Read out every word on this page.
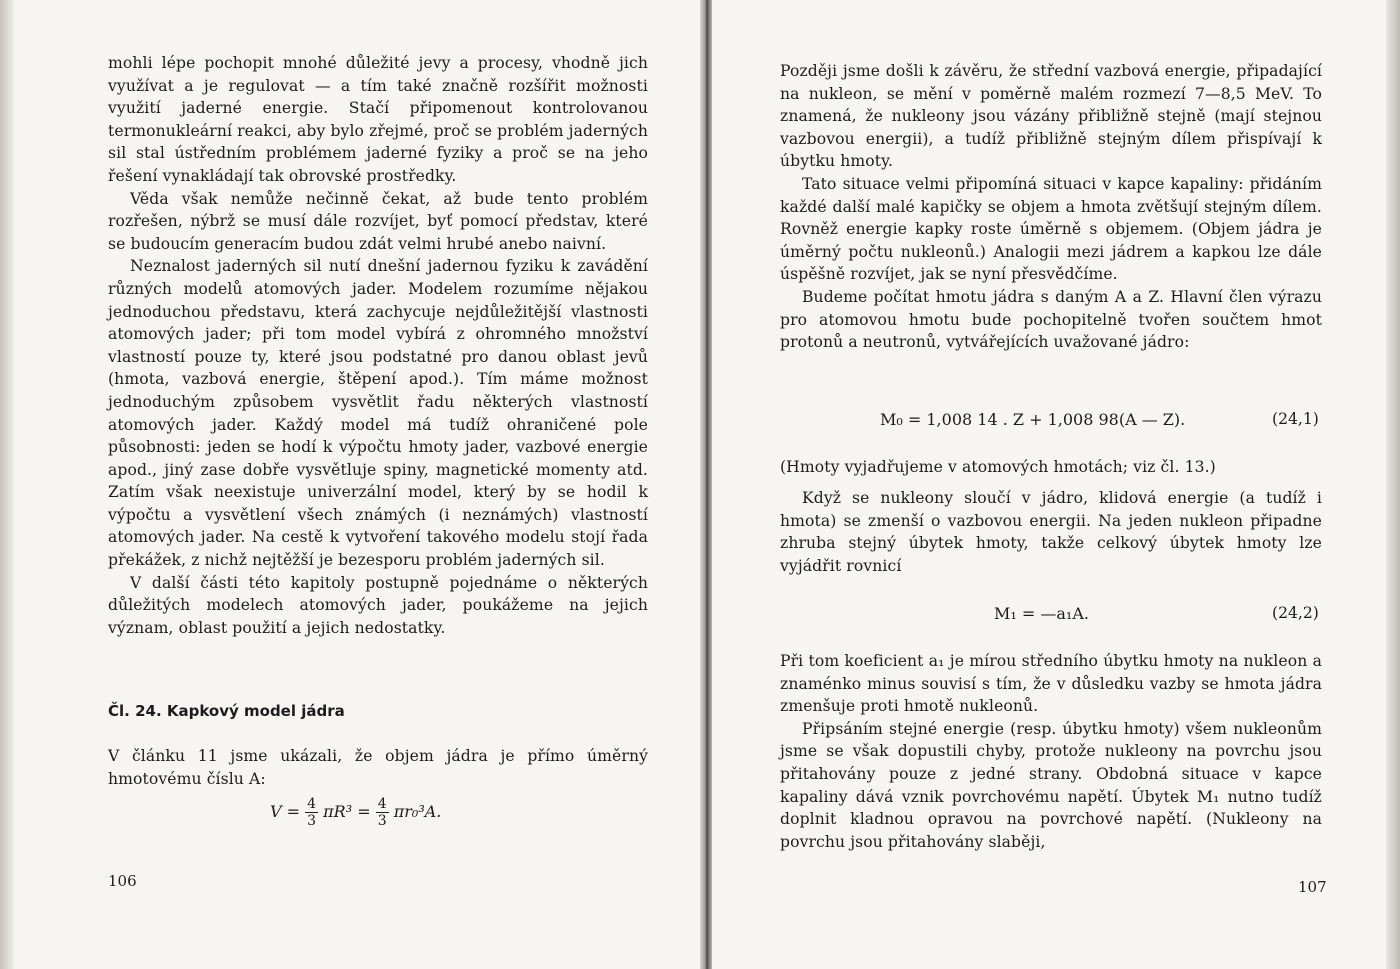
mohli lépe pochopit mnohé důležité jevy a procesy, vhodně jich využívat a je regulovat — a tím také značně rozšířit možnosti využití jaderné energie. Stačí připomenout kontrolovanou termonukleární reakci, aby bylo zřejmé, proč se problém jaderných sil stal ústředním problémem jaderné fyziky a proč se na jeho řešení vynakládají tak obrovské prostředky.

Věda však nemůže nečinně čekat, až bude tento problém rozřešen, nýbrž se musí dále rozvíjet, byť pomocí představ, které se budoucím generacím budou zdát velmi hrubé anebo naivní.

Neznalost jaderných sil nutí dnešní jadernou fyziku k zavádění různých modelů atomových jader. Modelem rozumíme nějakou jednoduchou představu, která zachycuje nejdůležitější vlastnosti atomových jader; při tom model vybírá z ohromného množství vlastností pouze ty, které jsou podstatné pro danou oblast jevů (hmota, vazbová energie, štěpení apod.). Tím máme možnost jednoduchým způsobem vysvětlit řadu některých vlastností atomových jader. Každý model má tudíž ohraničené pole působnosti: jeden se hodí k výpočtu hmoty jader, vazbové energie apod., jiný zase dobře vysvětluje spiny, magnetické momenty atd. Zatím však neexistuje univerzální model, který by se hodil k výpočtu a vysvětlení všech známých (i neznámých) vlastností atomových jader. Na cestě k vytvoření takového modelu stojí řada překážek, z nichž nejtěžší je bezesporu problém jaderných sil.

V další části této kapitoly postupně pojednáme o některých důležitých modelech atomových jader, poukážeme na jejich význam, oblast použití a jejich nedostatky.

Čl. 24. Kapkový model jádra

V článku 11 jsme ukázali, že objem jádra je přímo úměrný hmotovému číslu A:

$V = \frac{4}{3} \pi R^3 = \frac{4}{3} \pi r_0^3A$.
106

Později jsme došli k závěru, že střední vazbová energie, připadající na nukleon, se mění v poměrně malém rozmezí 7—8,5 MeV. To znamená, že nukleony jsou vázány přibližně stejně (mají stejnou vazbovou energii), a tudíž přibližně stejným dílem přispívají k úbytku hmoty.

Tato situace velmi připomíná situaci v kapce kapaliny: přidáním každé další malé kapičky se objem a hmota zvětšují stejným dílem. Rovněž energie kapky roste úměrně s objemem. (Objem jádra je úměrný počtu nukleonů.) Analogii mezi jádrem a kapkou lze dále úspěšně rozvíjet, jak se nyní přesvědčíme.

Budeme počítat hmotu jádra s daným A a Z. Hlavní člen výrazu pro atomovou hmotu bude pochopitelně tvořen součtem hmot protonů a neutronů, vytvářejících uvažované jádro:

M₀ = 1,008 14 . Z + 1,008 98(A — Z).	(24,1)

(Hmoty vyjadřujeme v atomových hmotách; viz čl. 13.)

Když se nukleony sloučí v jádro, klidová energie (a tudíž i hmota) se zmenší o vazbovou energii. Na jeden nukleon připadne zhruba stejný úbytek hmoty, takže celkový úbytek hmoty lze vyjádřit rovnicí

M₁ = —a₁A.	(24,2)

Při tom koeficient a₁ je mírou středního úbytku hmoty na nukleon a znaménko minus souvisí s tím, že v důsledku vazby se hmota jádra zmenšuje proti hmotě nukleonů.

Připsáním stejné energie (resp. úbytku hmoty) všem nukleonům jsme se však dopustili chyby, protože nukleony na povrchu jsou přitahovány pouze z jedné strany. Obdobná situace v kapce kapaliny dává vznik povrchovému napětí. Úbytek M₁ nutno tudíž doplnit kladnou opravou na povrchové napětí. (Nukleony na povrchu jsou přitahovány slaběji,

107
